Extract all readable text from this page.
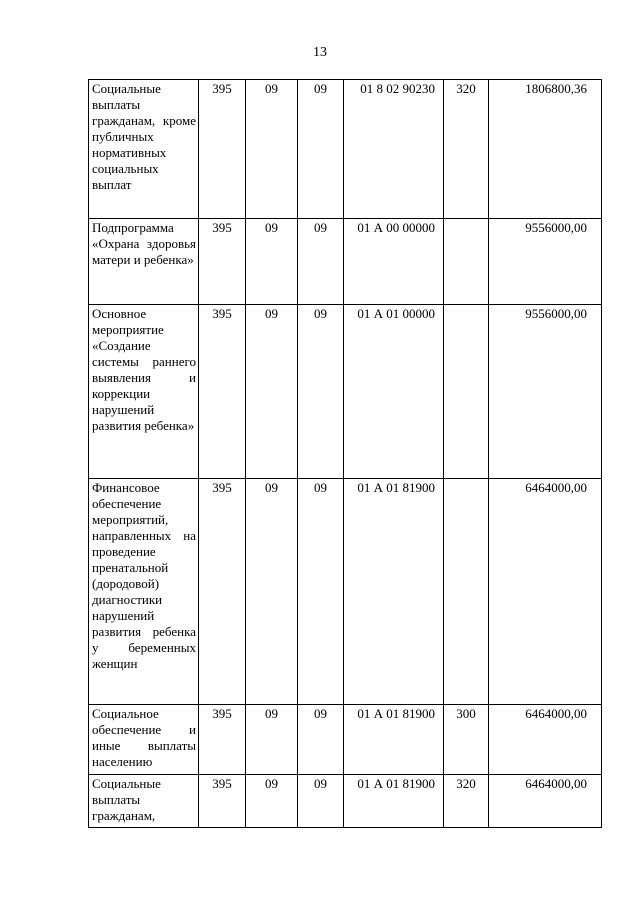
13
Социальные выплаты гражданам, кроме публичных нормативных социальных выплат	395	09	09	01 8 02 90230	320	1806800,36
Подпрограмма «Охрана здоровья матери и ребенка»	395	09	09	01 А 00 00000		9556000,00
Основное мероприятие «Создание системы раннего выявления и коррекции нарушений развития ребенка»	395	09	09	01 А 01 00000		9556000,00
Финансовое обеспечение мероприятий, направленных на проведение пренатальной (дородовой) диагностики нарушений развития ребенка у беременных женщин	395	09	09	01 А 01 81900		6464000,00
Социальное обеспечение и иные выплаты населению	395	09	09	01 А 01 81900	300	6464000,00
Социальные выплаты гражданам,	395	09	09	01 А 01 81900	320	6464000,00
